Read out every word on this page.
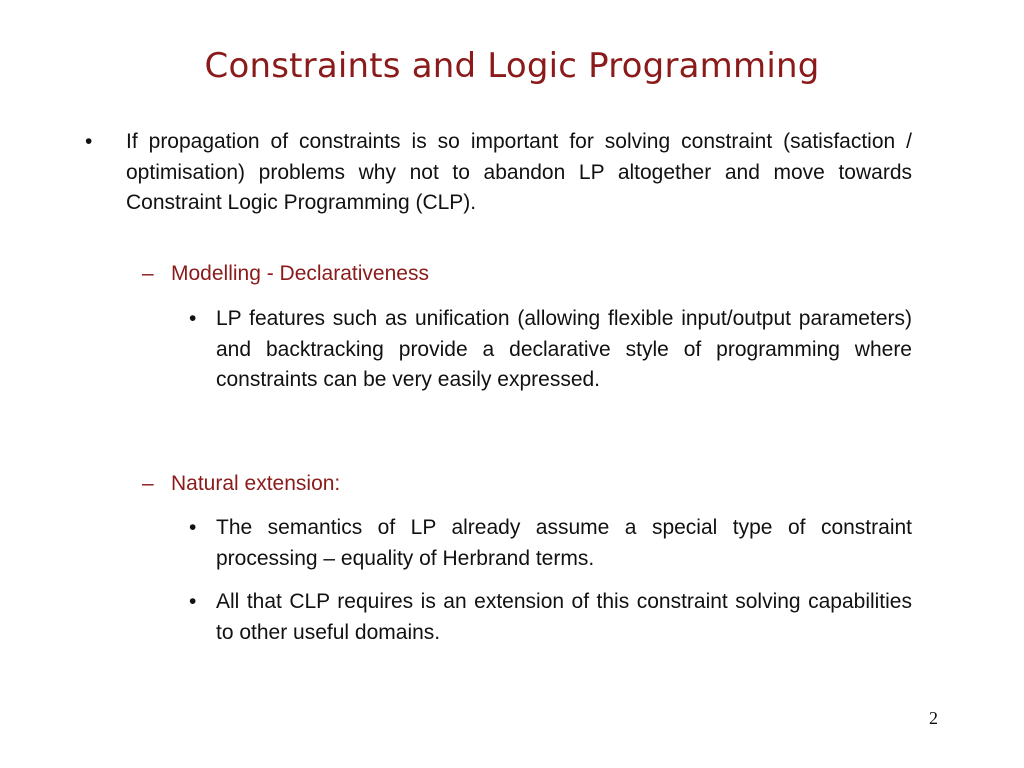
Constraints and Logic Programming
• If propagation of constraints is so important for solving constraint (satisfaction / optimisation) problems why not to abandon LP altogether and move towards Constraint Logic Programming (CLP).
– Modelling - Declarativeness
• LP features such as unification (allowing flexible input/output parameters) and backtracking provide a declarative style of programming where constraints can be very easily expressed.
– Natural extension:
• The semantics of LP already assume a special type of constraint processing – equality of Herbrand terms.
• All that CLP requires is an extension of this constraint solving capabilities to other useful domains.
2
